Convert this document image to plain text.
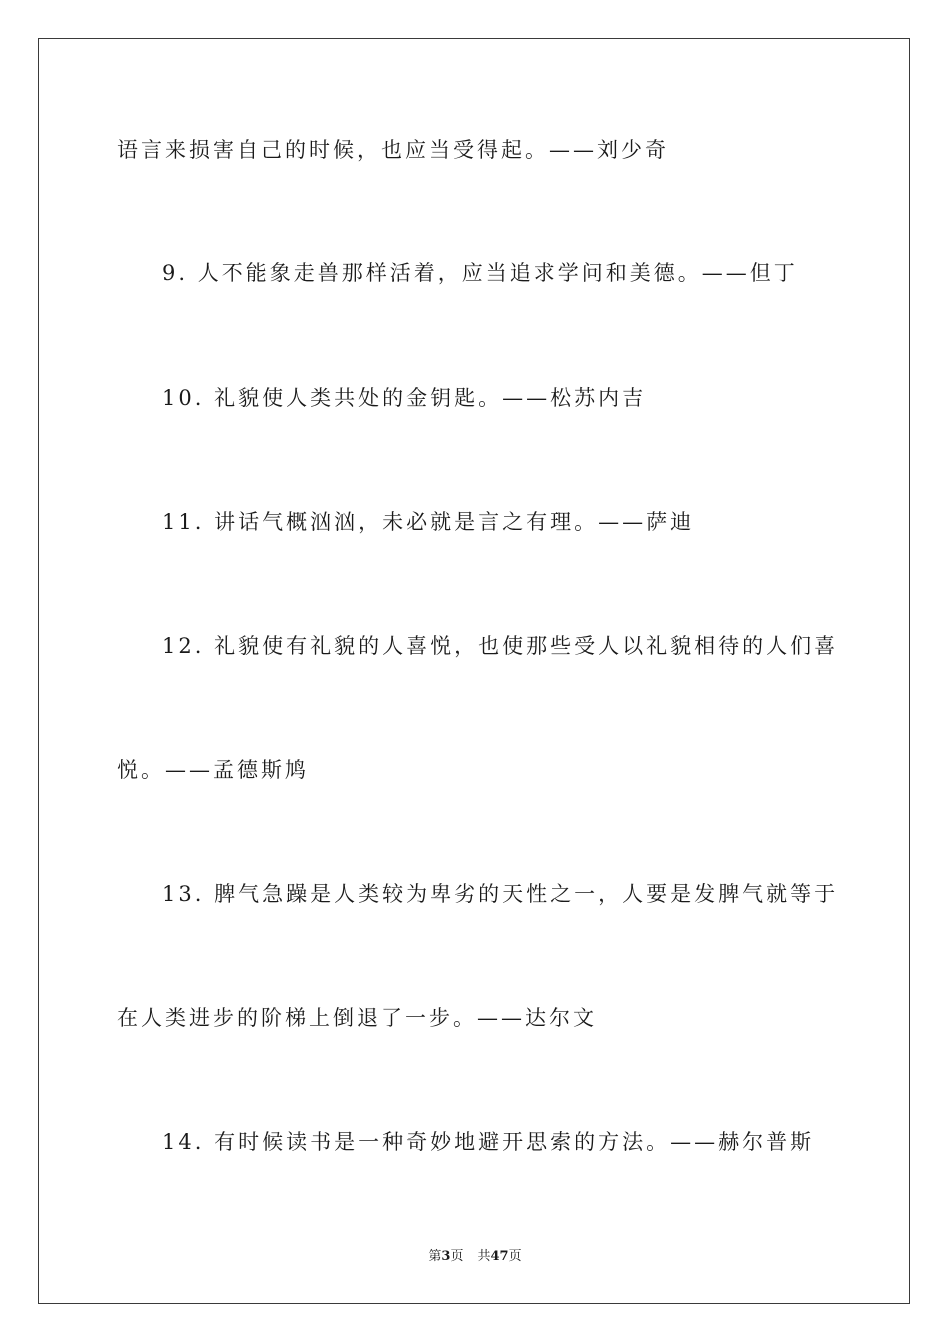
语言来损害自己的时候，也应当受得起。——刘少奇
9. 人不能象走兽那样活着，应当追求学问和美德。——但丁
10. 礼貌使人类共处的金钥匙。——松苏内吉
11. 讲话气概汹汹，未必就是言之有理。——萨迪
12. 礼貌使有礼貌的人喜悦，也使那些受人以礼貌相待的人们喜
悦。——孟德斯鸠
13. 脾气急躁是人类较为卑劣的天性之一，人要是发脾气就等于
在人类进步的阶梯上倒退了一步。——达尔文
14. 有时候读书是一种奇妙地避开思索的方法。——赫尔普斯
第3页 共47页
